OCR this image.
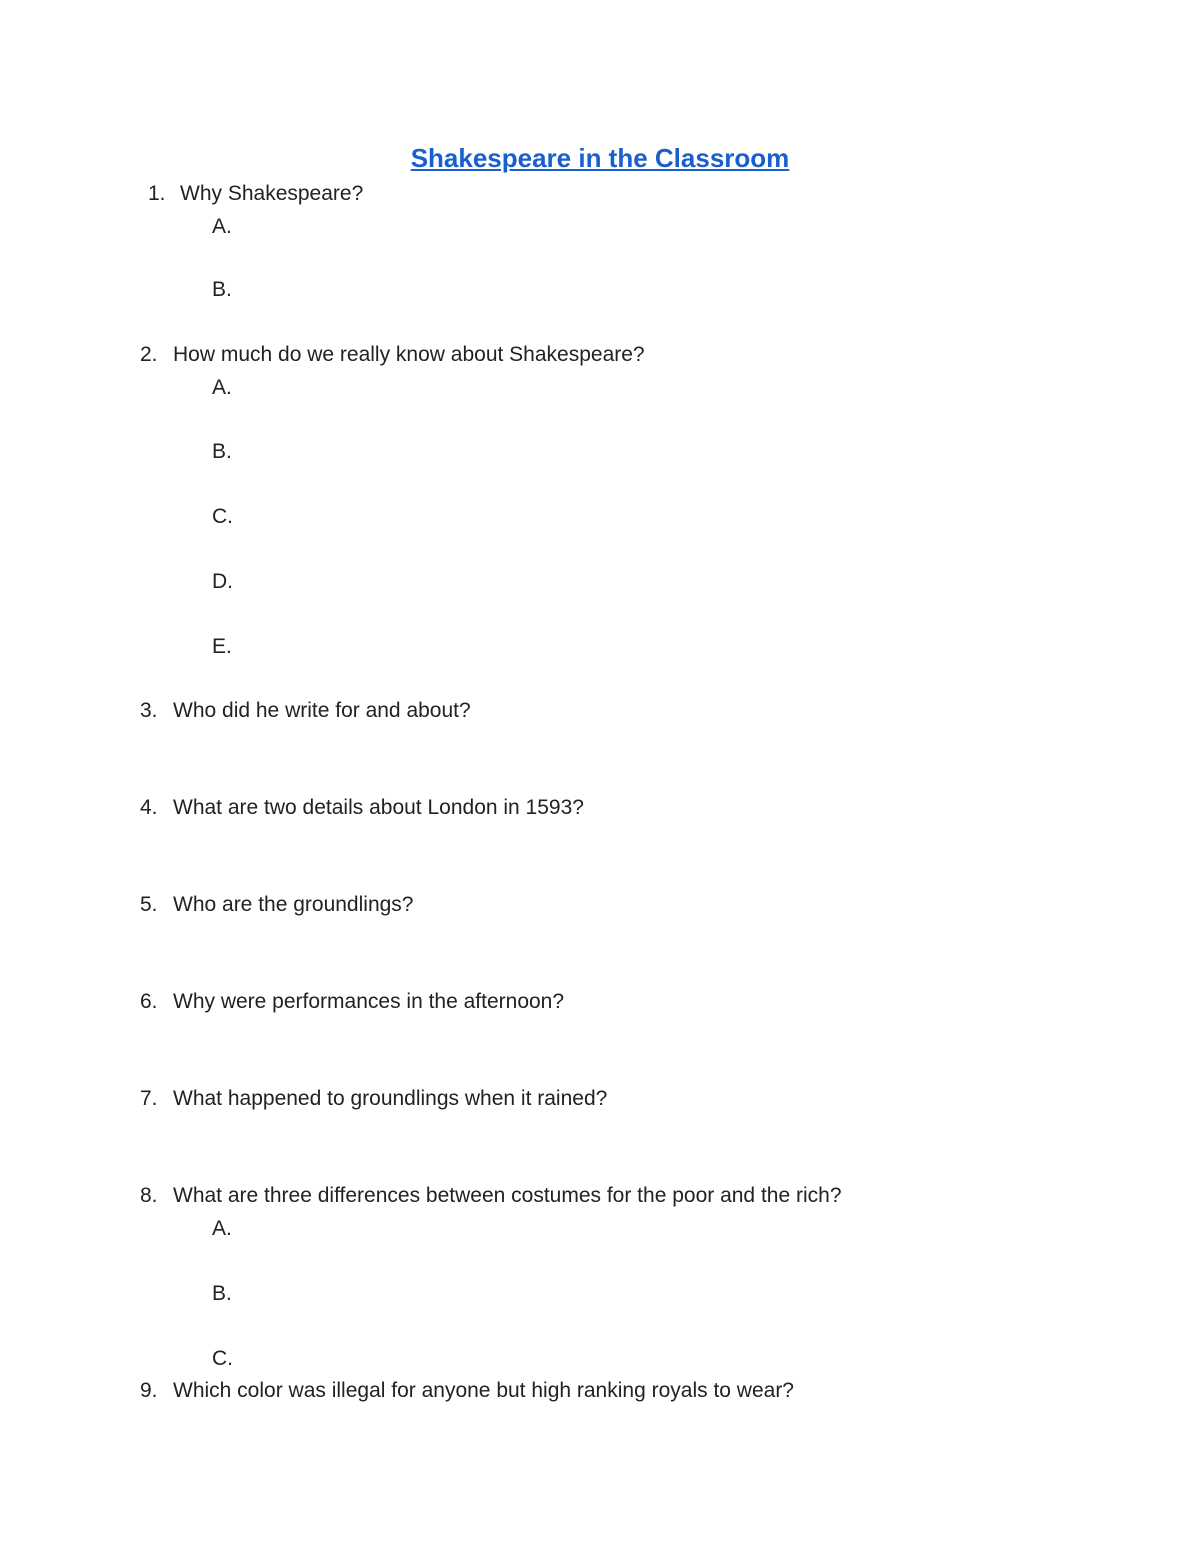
Shakespeare in the Classroom
1. Why Shakespeare?
A.
B.
2. How much do we really know about Shakespeare?
A.
B.
C.
D.
E.
3. Who did he write for and about?
4. What are two details about London in 1593?
5. Who are the groundlings?
6. Why were performances in the afternoon?
7. What happened to groundlings when it rained?
8. What are three differences between costumes for the poor and the rich?
A.
B.
C.
9. Which color was illegal for anyone but high ranking royals to wear?
